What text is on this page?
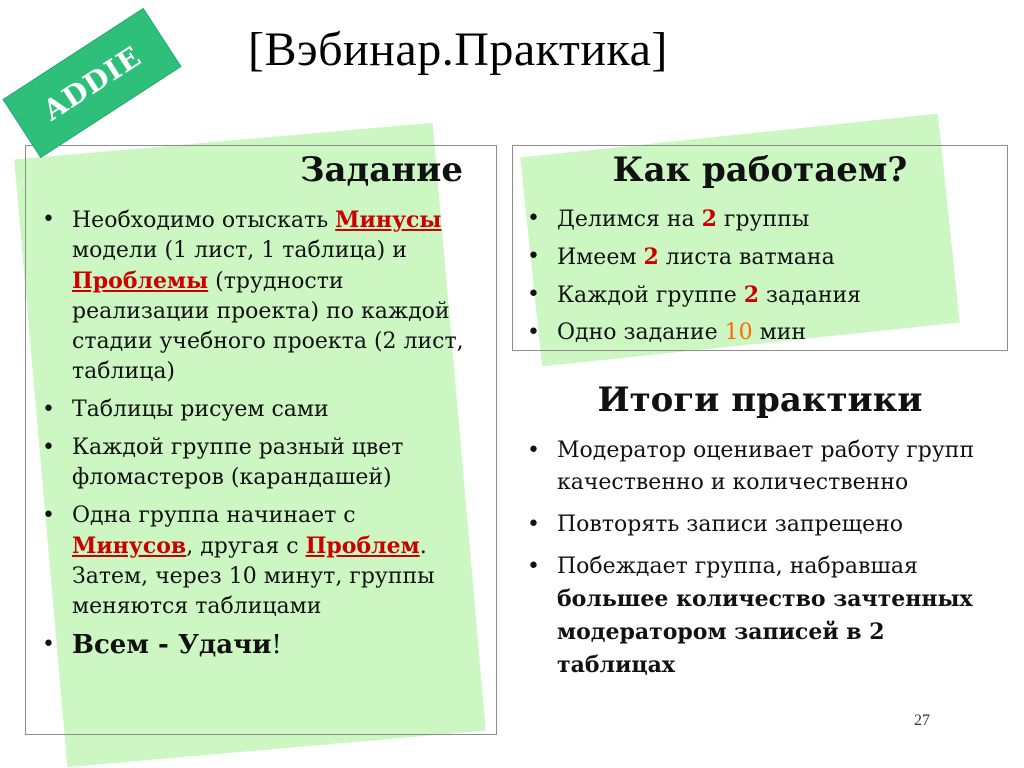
ADDIE [Вэбинар.Практика]
Задание
• Необходимо отыскать Минусы модели (1 лист, 1 таблица) и Проблемы (трудности реализации проекта) по каждой стадии учебного проекта (2 лист, таблица)
• Таблицы рисуем сами
• Каждой группе разный цвет фломастеров (карандашей)
• Одна группа начинает с Минусов, другая с Проблем. Затем, через 10 минут, группы меняются таблицами
• Всем - Удачи!
Как работаем?
• Делимся на 2 группы
• Имеем 2 листа ватмана
• Каждой группе 2 задания
• Одно задание 10 мин
Итоги практики
• Модератор оценивает работу групп качественно и количественно
• Повторять записи запрещено
• Побеждает группа, набравшая большее количество зачтенных модератором записей в 2 таблицах
27
